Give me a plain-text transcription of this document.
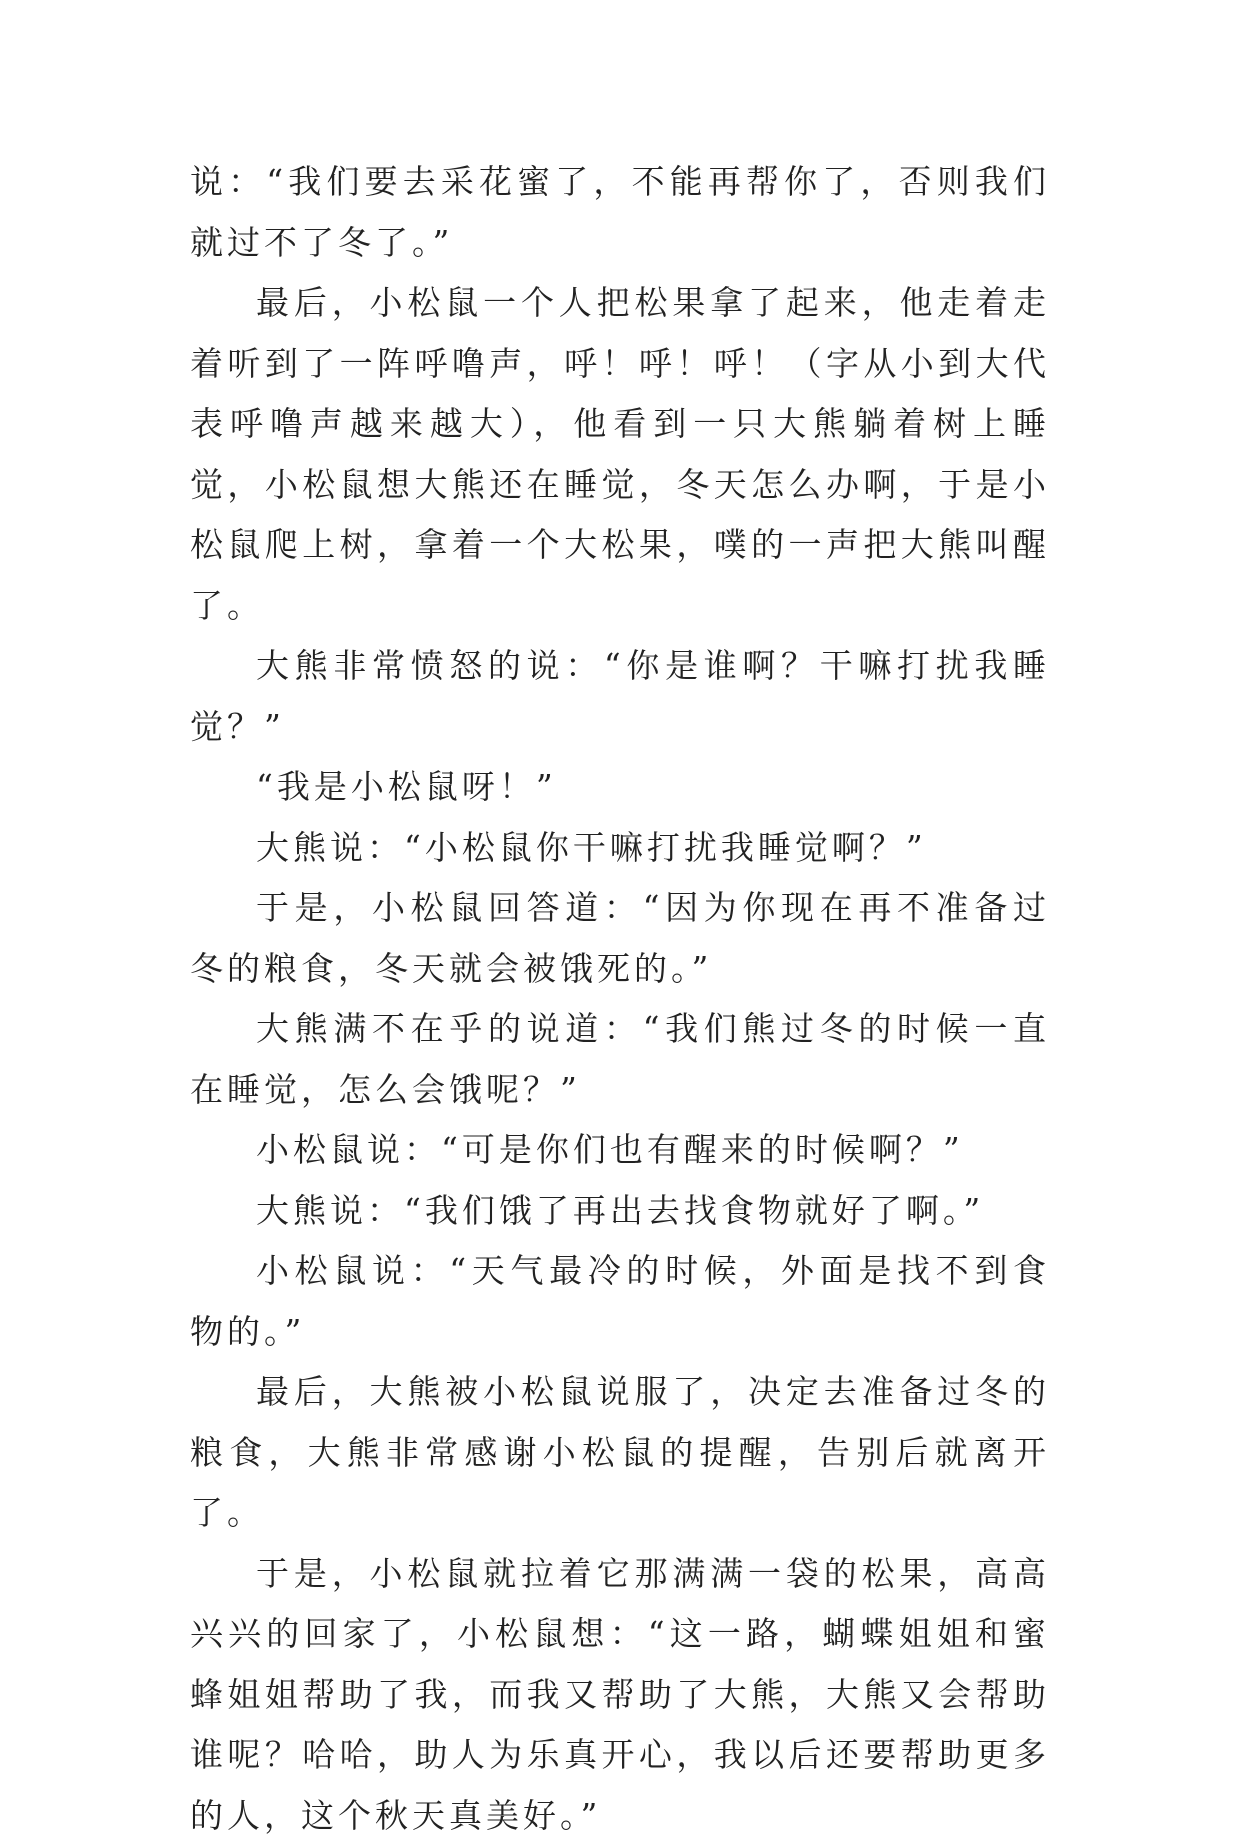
说：“我们要去采花蜜了，不能再帮你了，否则我们就过不了冬了。”

最后，小松鼠一个人把松果拿了起来，他走着走着听到了一阵呼噜声，呼！呼！呼！（字从小到大代表呼噜声越来越大），他看到一只大熊躺着树上睡觉，小松鼠想大熊还在睡觉，冬天怎么办啊，于是小松鼠爬上树，拿着一个大松果，噗的一声把大熊叫醒了。

大熊非常愤怒的说：“你是谁啊？干嘛打扰我睡觉？”

“我是小松鼠呀！”

大熊说：“小松鼠你干嘛打扰我睡觉啊？”

于是，小松鼠回答道：“因为你现在再不准备过冬的粮食，冬天就会被饿死的。”

大熊满不在乎的说道：“我们熊过冬的时候一直在睡觉，怎么会饿呢？”

小松鼠说：“可是你们也有醒来的时候啊？”

大熊说：“我们饿了再出去找食物就好了啊。”

小松鼠说：“天气最冷的时候，外面是找不到食物的。”

最后，大熊被小松鼠说服了，决定去准备过冬的粮食，大熊非常感谢小松鼠的提醒，告别后就离开了。

于是，小松鼠就拉着它那满满一袋的松果，高高兴兴的回家了，小松鼠想：“这一路，蝴蝶姐姐和蜜蜂姐姐帮助了我，而我又帮助了大熊，大熊又会帮助谁呢？哈哈，助人为乐真开心，我以后还要帮助更多的人，这个秋天真美好。”
